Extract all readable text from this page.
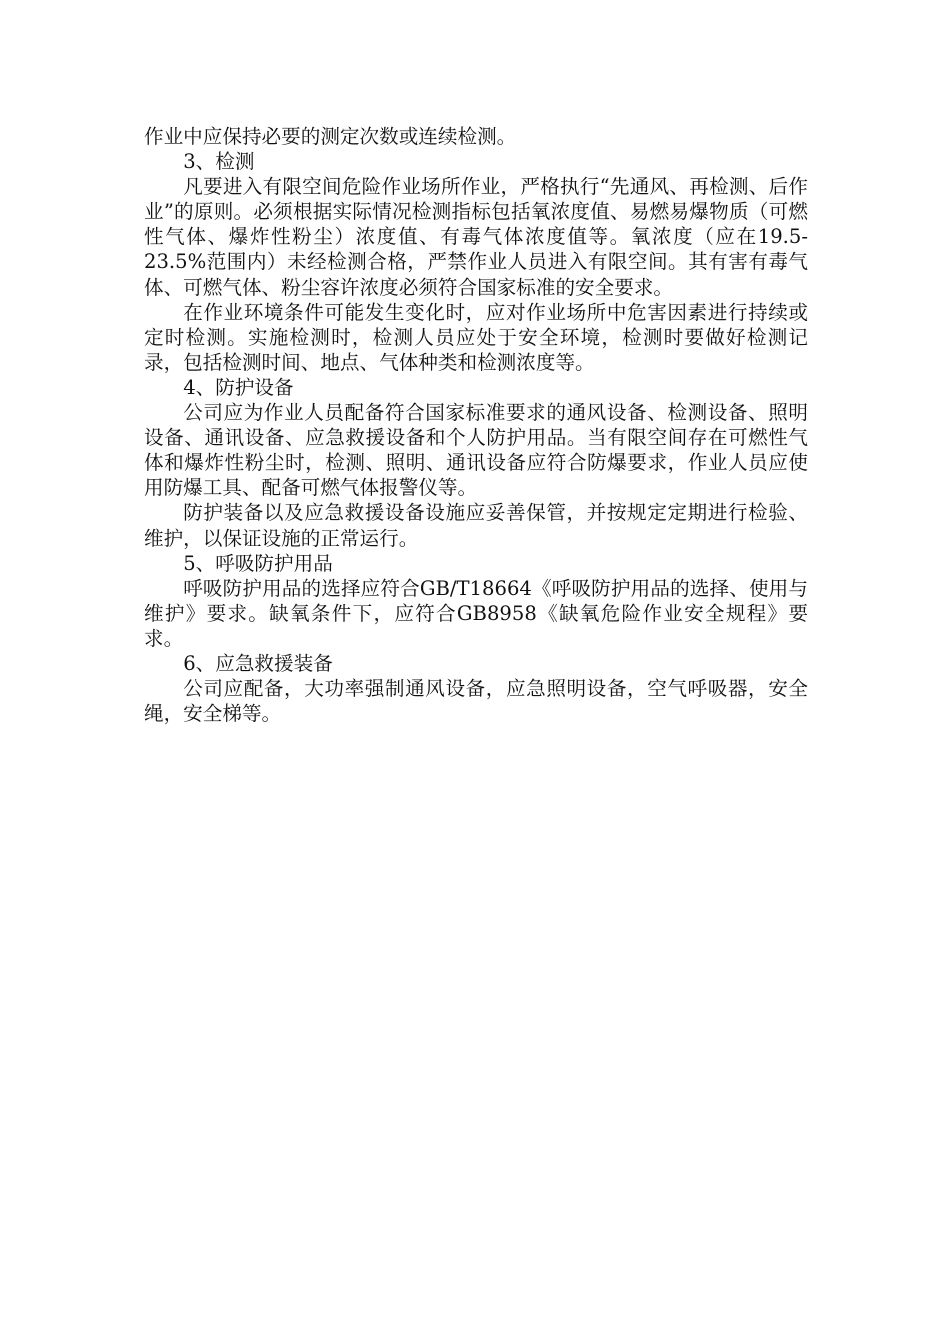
作业中应保持必要的测定次数或连续检测。

3、检测

凡要进入有限空间危险作业场所作业，严格执行“先通风、再检测、后作业”的原则。必须根据实际情况检测指标包括氧浓度值、易燃易爆物质（可燃性气体、爆炸性粉尘）浓度值、有毒气体浓度值等。氧浓度（应在19.5-23.5%范围内）未经检测合格，严禁作业人员进入有限空间。其有害有毒气体、可燃气体、粉尘容许浓度必须符合国家标准的安全要求。

在作业环境条件可能发生变化时，应对作业场所中危害因素进行持续或定时检测。实施检测时，检测人员应处于安全环境，检测时要做好检测记录，包括检测时间、地点、气体种类和检测浓度等。

4、防护设备

公司应为作业人员配备符合国家标准要求的通风设备、检测设备、照明设备、通讯设备、应急救援设备和个人防护用品。当有限空间存在可燃性气体和爆炸性粉尘时，检测、照明、通讯设备应符合防爆要求，作业人员应使用防爆工具、配备可燃气体报警仪等。

防护装备以及应急救援设备设施应妥善保管，并按规定定期进行检验、维护，以保证设施的正常运行。

5、呼吸防护用品

呼吸防护用品的选择应符合GB/T18664《呼吸防护用品的选择、使用与维护》要求。缺氧条件下，应符合GB8958《缺氧危险作业安全规程》要求。

6、应急救援装备

公司应配备，大功率强制通风设备，应急照明设备，空气呼吸器，安全绳，安全梯等。
